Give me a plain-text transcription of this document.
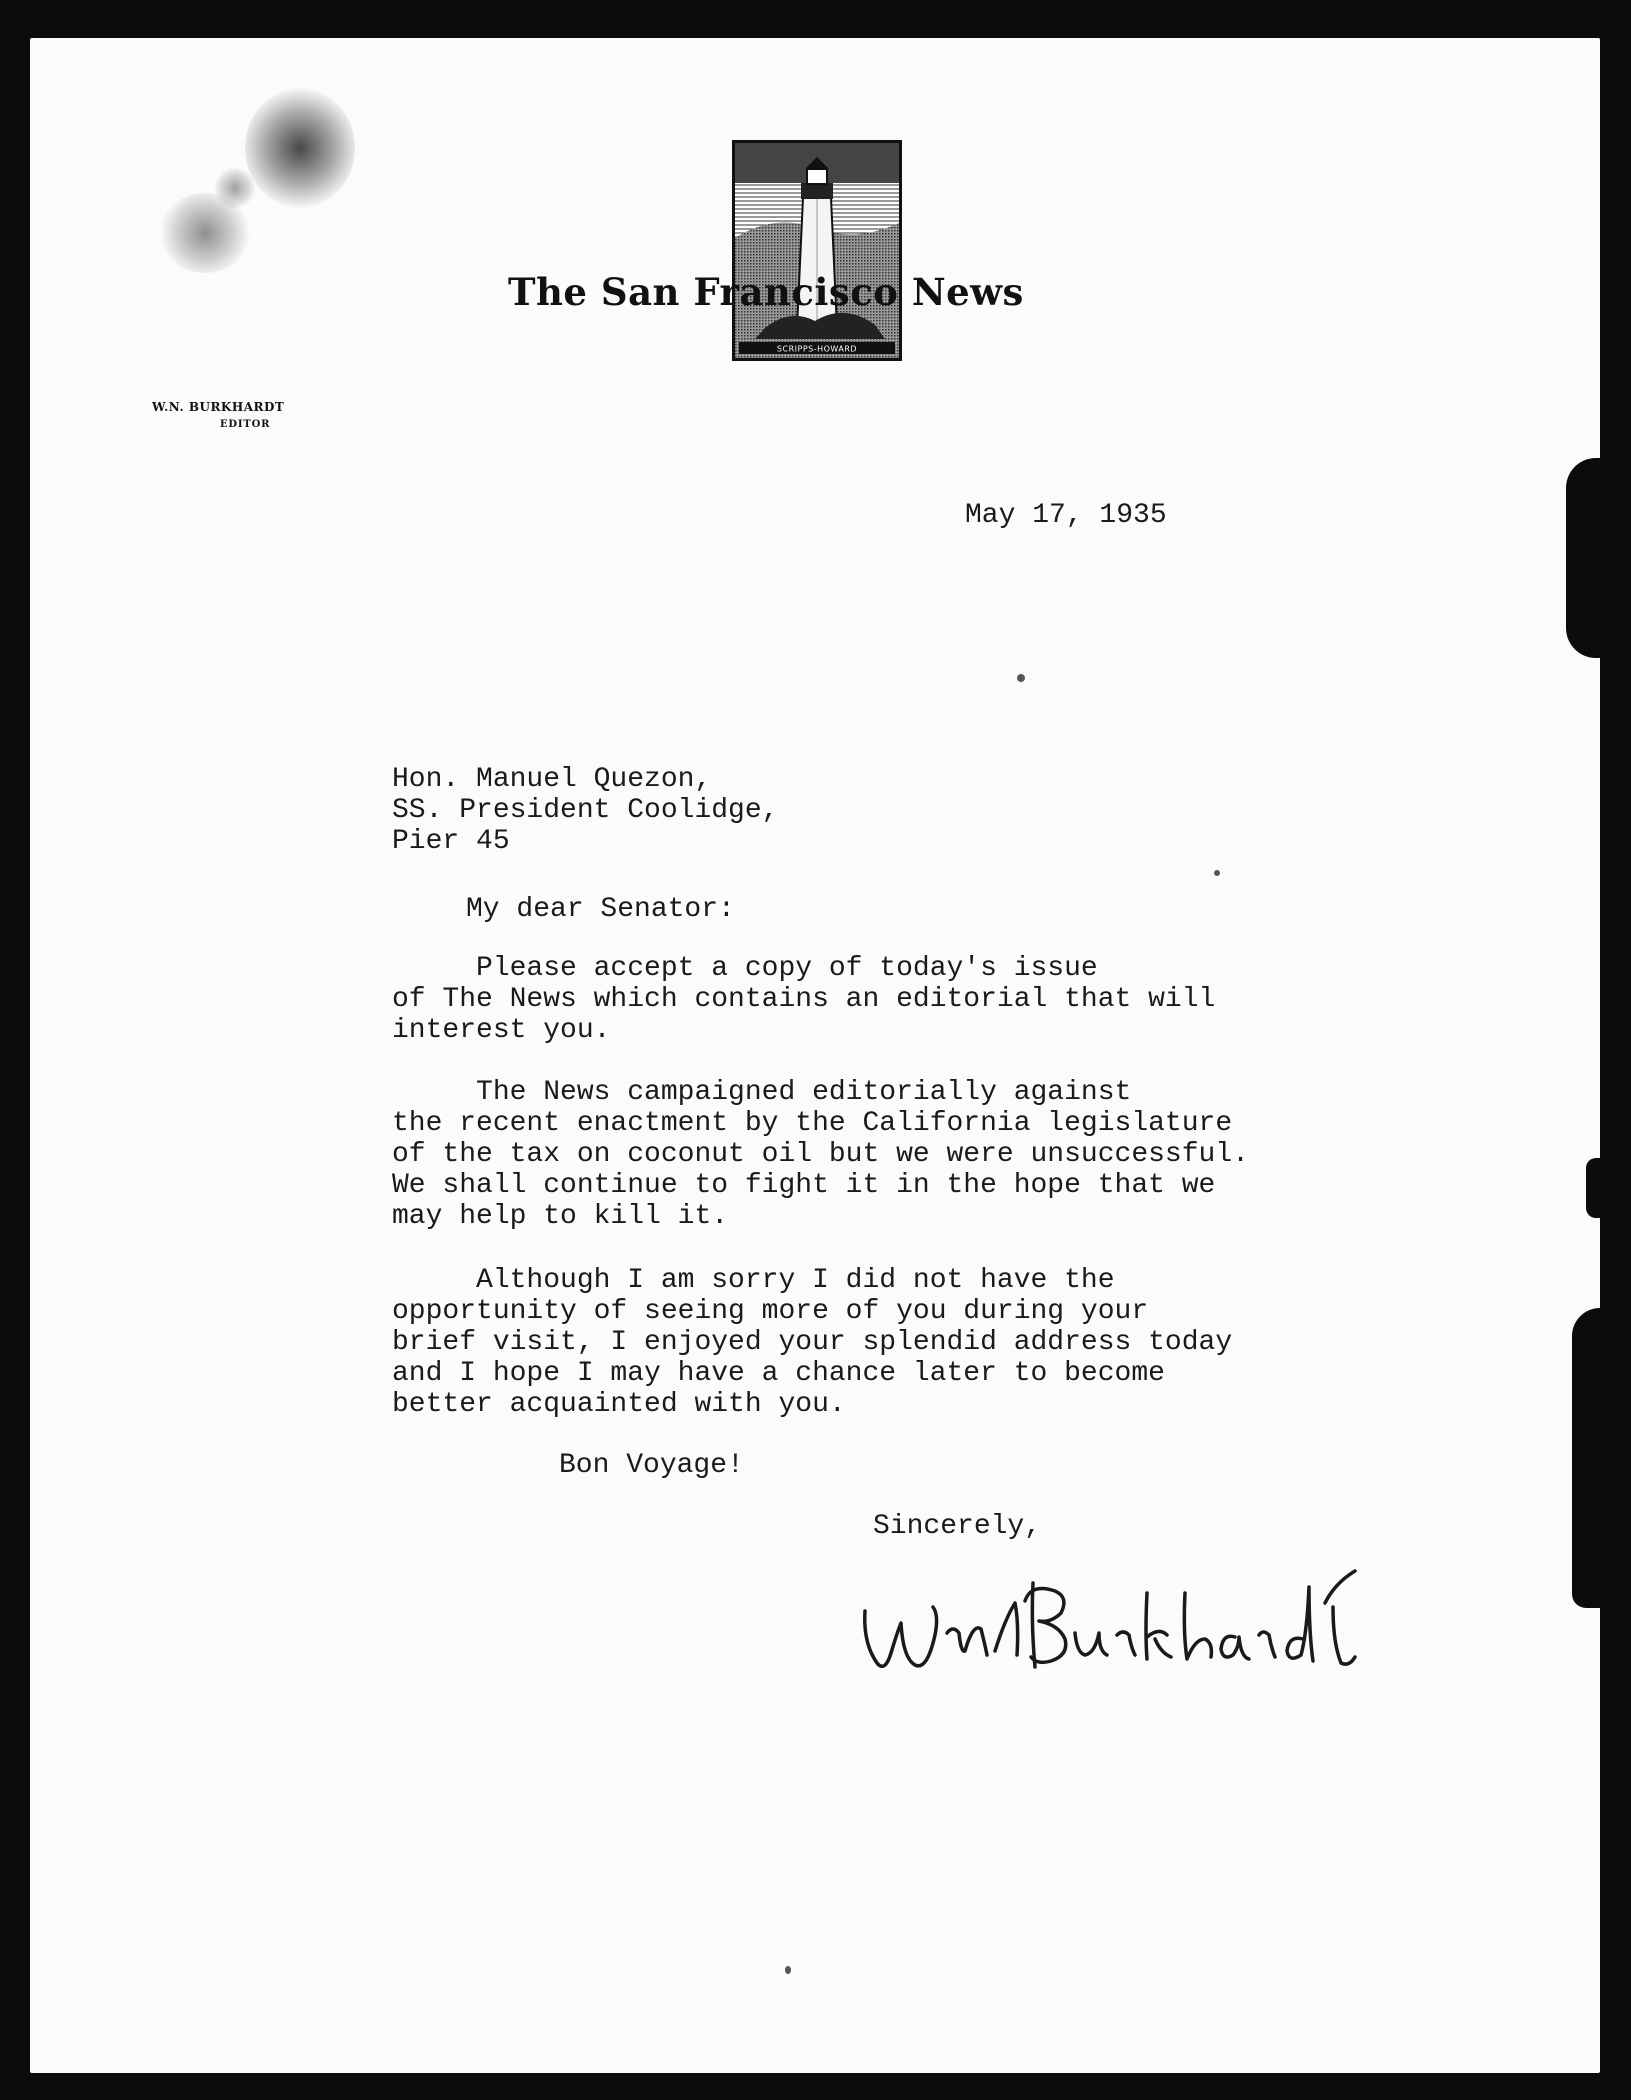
SCRIPPS-HOWARD
The San Francisco News
W.N. BURKHARDT
EDITOR
May 17, 1935
Hon. Manuel Quezon,
SS. President Coolidge,
Pier 45
My dear Senator:
Please accept a copy of today's issue
of The News which contains an editorial that will
interest you.
The News campaigned editorially against
the recent enactment by the California legislature
of the tax on coconut oil but we were unsuccessful.
We shall continue to fight it in the hope that we
may help to kill it.
Although I am sorry I did not have the
opportunity of seeing more of you during your
brief visit, I enjoyed your splendid address today
and I hope I may have a chance later to become
better acquainted with you.
Bon Voyage!
Sincerely,
